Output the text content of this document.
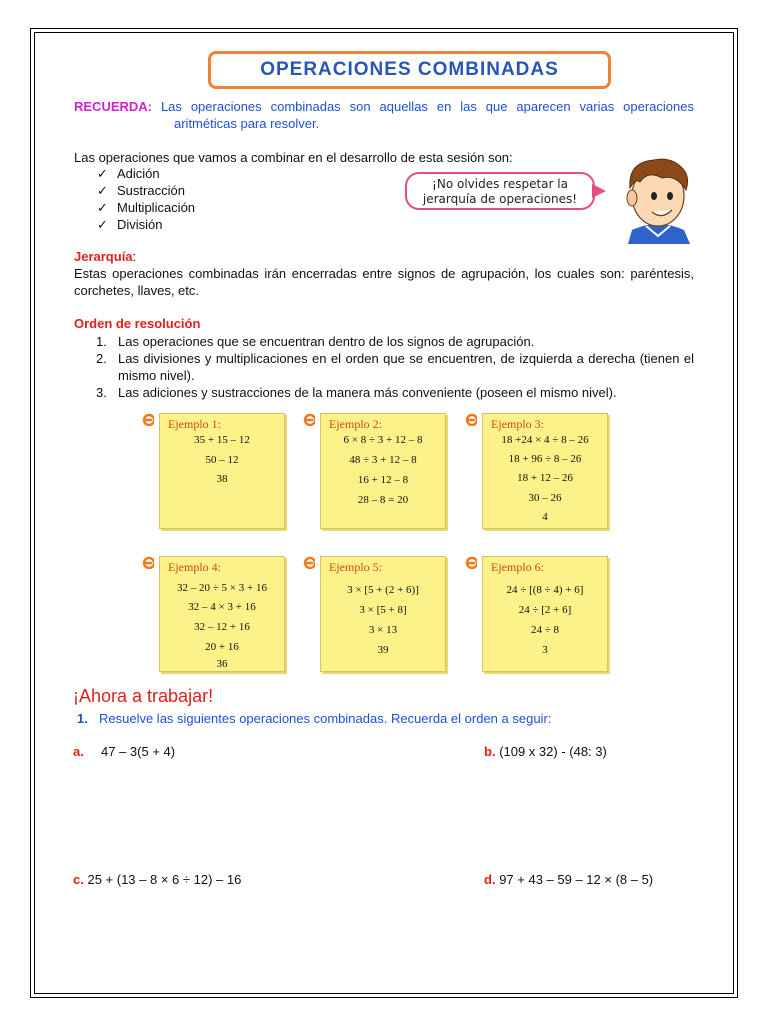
OPERACIONES COMBINADAS
RECUERDA: Las operaciones combinadas son aquellas en las que aparecen varias operaciones
aritméticas para resolver.
Las operaciones que vamos a combinar en el desarrollo de esta sesión son:
✓ Adición
✓ Sustracción
✓ Multiplicación
✓ División
¡No olvides respetar la
jerarquía de operaciones!
Jerarquía:
Estas operaciones combinadas irán encerradas entre signos de agrupación, los cuales son: paréntesis, corchetes, llaves, etc.
Orden de resolución
1. Las operaciones que se encuentran dentro de los signos de agrupación.
2. Las divisiones y multiplicaciones en el orden que se encuentren, de izquierda a derecha (tienen el mismo nivel).
3. Las adiciones y sustracciones de la manera más conveniente (poseen el mismo nivel).
Ejemplo 1:
35 + 15 – 12
50 – 12
38
Ejemplo 2:
6 × 8 ÷ 3 + 12 – 8
48 ÷ 3 + 12 – 8
16 + 12 – 8
28 – 8 = 20
Ejemplo 3:
18 +24 × 4 ÷ 8 – 26
18 + 96 ÷ 8 – 26
18 + 12 – 26
30 – 26
4
Ejemplo 4:
32 – 20 ÷ 5 × 3 + 16
32 – 4 × 3 + 16
32 – 12 + 16
20 + 16
36
Ejemplo 5:
3 × [5 + (2 + 6)]
3 × [5 + 8]
3 × 13
39
Ejemplo 6:
24 ÷ [(8 ÷ 4) + 6]
24 ÷ [2 + 6]
24 ÷ 8
3
¡Ahora a trabajar!
1. Resuelve las siguientes operaciones combinadas. Recuerda el orden a seguir:
a. 47 – 3(5 + 4)	b. (109 x 32) - (48: 3)
c. 25 + (13 – 8 × 6 ÷ 12) – 16	d. 97 + 43 – 59 – 12 × (8 – 5)
